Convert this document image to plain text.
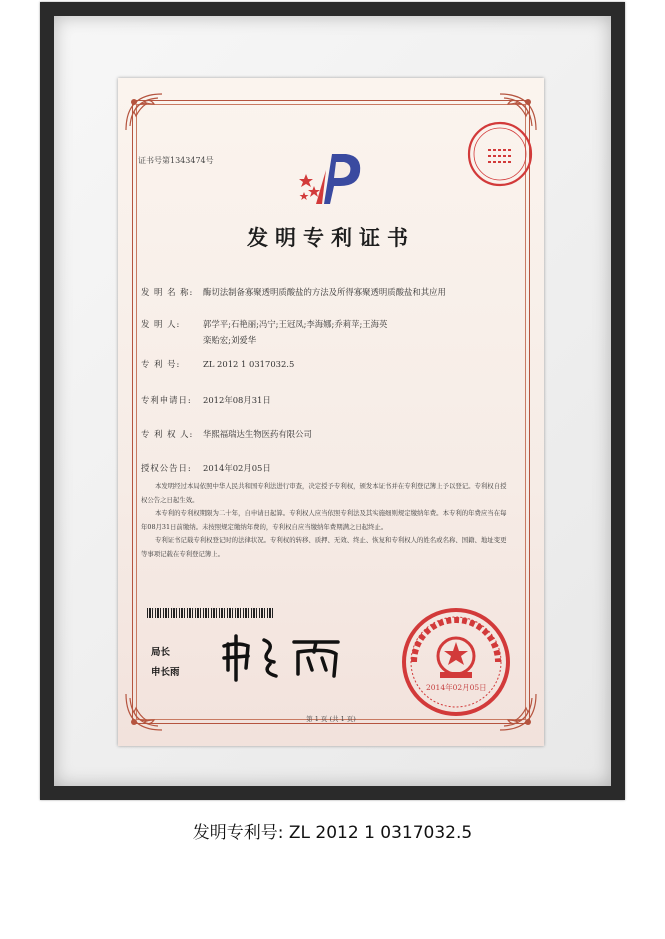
证书号第1343474号
发明专利证书
发 明 名 称: 酶切法制备寡聚透明质酸盐的方法及所得寡聚透明质酸盐和其应用
发 明 人:	郭学平;石艳丽;冯宁;王冠凤;李海娜;乔莉苹;王海英
栾贻宏;刘爱华
专 利 号:	ZL 2012 1 0317032.5
专利申请日: 2012年08月31日
专 利 权 人: 华熙福瑞达生物医药有限公司
授权公告日: 2014年02月05日

本发明经过本局依照中华人民共和国专利法进行审查，决定授予专利权，颁发本证书并在专利登记簿上予以登记。专利权自授权公告之日起生效。

本专利的专利权期限为二十年，自申请日起算。专利权人应当依照专利法及其实施细则规定缴纳年费。本专利的年费应当在每年08月31日前缴纳。未按照规定缴纳年费的，专利权自应当缴纳年费期满之日起终止。

专利证书记载专利权登记时的法律状况。专利权的转移、质押、无效、终止、恢复和专利权人的姓名或名称、国籍、地址变更等事项记载在专利登记簿上。

局长
申长雨
2014年02月05日
第 1 页 (共 1 页)
发明专利号: ZL 2012 1 0317032.5
